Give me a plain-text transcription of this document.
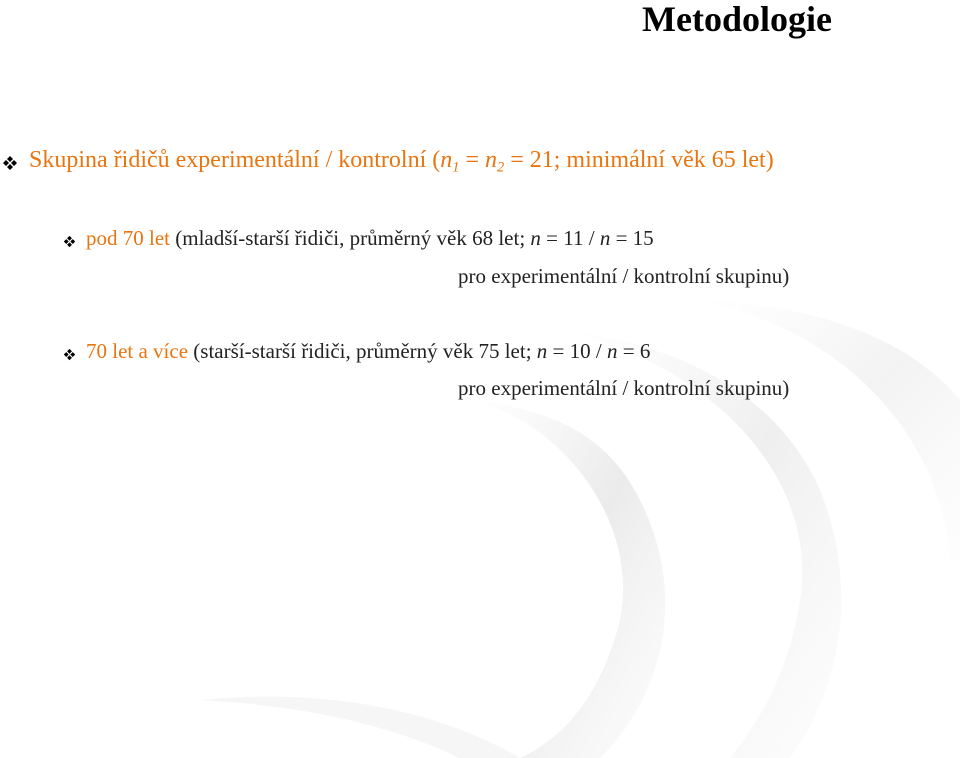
Metodologie
Skupina řidičů experimentální / kontrolní ($n_1 = n_2 = 21$; minimální věk 65 let)
pod 70 let (mladší-starší řidiči, průměrný věk 68 let; n = 11 / n = 15
pro experimentální / kontrolní skupinu)
70 let a více (starší-starší řidiči, průměrný věk 75 let; n = 10 / n = 6
pro experimentální / kontrolní skupinu)
